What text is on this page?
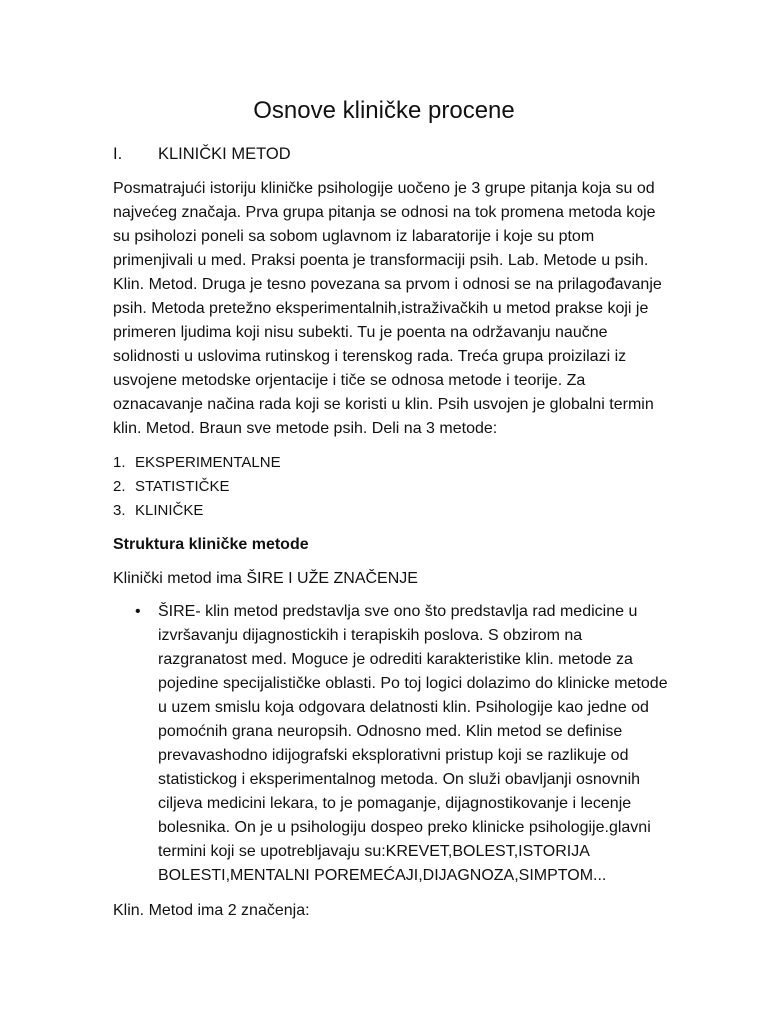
Osnove kliničke procene
I. KLINIČKI METOD

Posmatrajući istoriju kliničke psihologije uočeno je 3 grupe pitanja koja su od najvećeg značaja. Prva grupa pitanja se odnosi na tok promena metoda koje su psiholozi poneli sa sobom uglavnom iz labaratorije i koje su ptom primenjivali u med. Praksi poenta je transformaciji psih. Lab. Metode u psih. Klin. Metod. Druga je tesno povezana sa prvom i odnosi se na prilagođavanje psih. Metoda pretežno eksperimentalnih,istraživačkih u metod prakse koji je primeren ljudima koji nisu subekti. Tu je poenta na održavanju naučne solidnosti u uslovima rutinskog i terenskog rada. Treća grupa proizilazi iz usvojene metodske orjentacije i tiče se odnosa metode i teorije. Za oznacavanje načina rada koji se koristi u klin. Psih usvojen je globalni termin klin. Metod. Braun sve metode psih. Deli na 3 metode:

1. EKSPERIMENTALNE
2. STATISTIČKE
3. KLINIČKE

Struktura kliničke metode

Klinički metod ima ŠIRE I UŽE ZNAČENJE

• ŠIRE- klin metod predstavlja sve ono što predstavlja rad medicine u izvršavanju dijagnostickih i terapiskih poslova. S obzirom na razgranatost med. Moguce je odrediti karakteristike klin. metode za pojedine specijalističke oblasti. Po toj logici dolazimo do klinicke metode u uzem smislu koja odgovara delatnosti klin. Psihologije kao jedne od pomoćnih grana neuropsih. Odnosno med. Klin metod se definise prevavashodno idijografski eksplorativni pristup koji se razlikuje od statistickog i eksperimentalnog metoda. On služi obavljanji osnovnih ciljeva medicini lekara, to je pomaganje, dijagnostikovanje i lecenje bolesnika. On je u psihologiju dospeo preko klinicke psihologije.glavni termini koji se upotrebljavaju su:KREVET,BOLEST,ISTORIJA BOLESTI,MENTALNI POREMEĆAJI,DIJAGNOZA,SIMPTOM...

Klin. Metod ima 2 značenja:
